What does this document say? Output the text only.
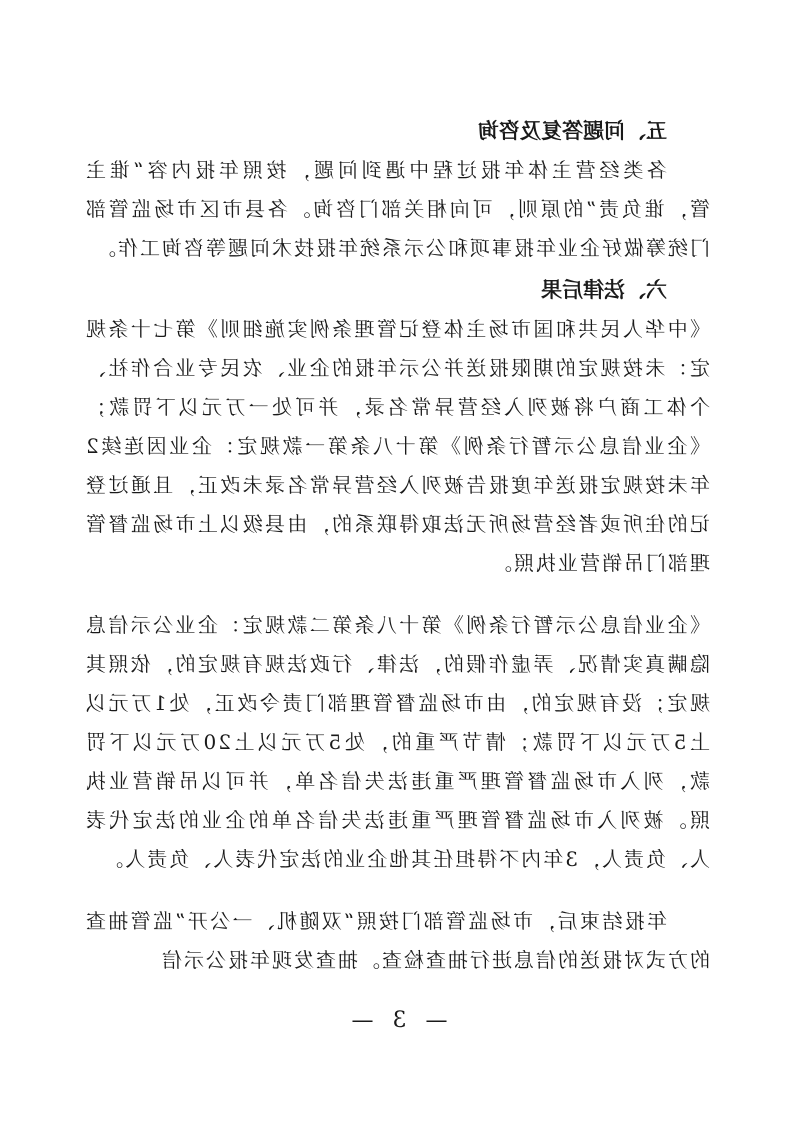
五、问题答复及咨询

各类经营主体年报过程中遇到问题，按照年报内容“谁主管，谁负责”的原则，可向相关部门咨询。各县市区市场监管部门统筹做好企业年报事项和公示系统年报技术问题等咨询工作。

六、法律后果

《中华人民共和国市场主体登记管理条例实施细则》第七十条规定：未按规定的期限报送并公示年报的企业、农民专业合作社、个体工商户将被列入经营异常名录，并可处一万元以下罚款；《企业信息公示暂行条例》第十八条第一款规定：企业因连续2年未按规定报送年度报告被列入经营异常名录未改正，且通过登记的住所或者经营场所无法取得联系的，由县级以上市场监督管理部门吊销营业执照。

《企业信息公示暂行条例》第十八条第二款规定：企业公示信息隐瞒真实情况、弄虚作假的，法律、行政法规有规定的，依照其规定；没有规定的，由市场监督管理部门责令改正，处1万元以上5万元以下罚款；情节严重的，处5万元以上20万元以下罚款，列入市场监督管理严重违法失信名单，并可以吊销营业执照。被列入市场监督管理严重违法失信名单的企业的法定代表人、负责人，3年内不得担任其他企业的法定代表人、负责人。

年报结束后，市场监管部门按照“双随机、一公开”监管抽查的方式对报送的信息进行抽查检查。抽查发现年报公示信

— 3 —
